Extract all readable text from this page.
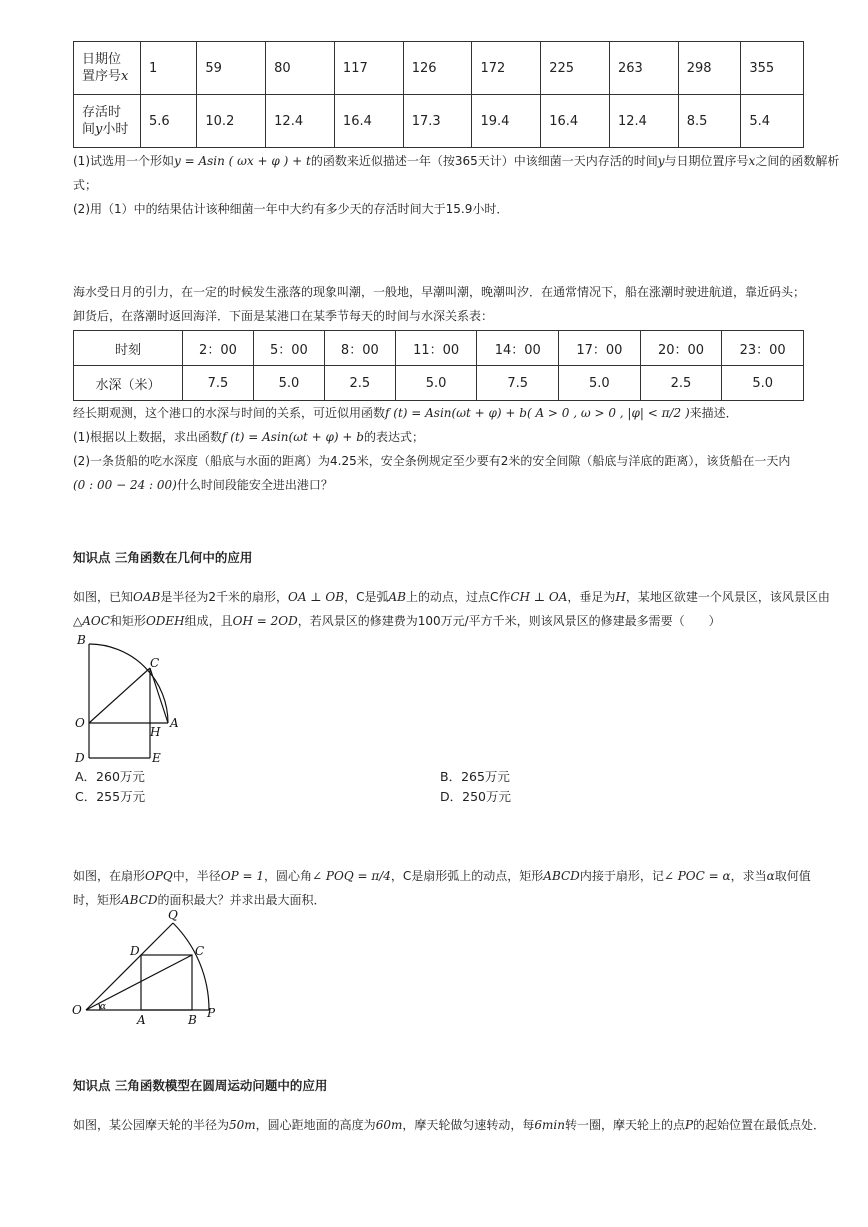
日期位
置序号x	1	59	80	117	126	172	225	263	298	355
存活时
间y小时	5.6	10.2	12.4	16.4	17.3	19.4	16.4	12.4	8.5	5.4
(1)试选用一个形如y = Asin ( ωx + φ ) + t的函数来近似描述一年（按365天计）中该细菌一天内存活的时间y与日期位置序号x之间的函数解析
式；
(2)用（1）中的结果估计该种细菌一年中大约有多少天的存活时间大于15.9小时．
海水受日月的引力，在一定的时候发生涨落的现象叫潮，一般地，早潮叫潮，晚潮叫汐．在通常情况下，船在涨潮时驶进航道，靠近码头；
卸货后，在落潮时返回海洋．下面是某港口在某季节每天的时间与水深关系表：
时刻	2：00	5：00	8：00	11：00	14：00	17：00	20：00	23：00
水深（米）	7.5	5.0	2.5	5.0	7.5	5.0	2.5	5.0
经长期观测，这个港口的水深与时间的关系，可近似用函数f (t) = Asin(ωt + φ) + b( A > 0 , ω > 0 , |φ| < π/2 )来描述．
(1)根据以上数据，求出函数f (t) = Asin(ωt + φ) + b的表达式；
(2)一条货船的吃水深度（船底与水面的距离）为4.25米，安全条例规定至少要有2米的安全间隙（船底与洋底的距离），该货船在一天内
(0 : 00 − 24 : 00)什么时间段能安全进出港口？
知识点 三角函数在几何中的应用
如图，已知OAB是半径为2千米的扇形，OA ⊥ OB，C是弧AB上的动点，过点C作CH ⊥ OA，垂足为H，某地区欲建一个风景区，该风景区由
△AOC和矩形ODEH组成，且OH = 2OD，若风景区的修建费为100万元/平方千米，则该风景区的修建最多需要（　　）
B
C
O
H
A
D	E
A．260万元	B．265万元
C．255万元	D．250万元
如图，在扇形OPQ中，半径OP = 1，圆心角∠ POQ = π/4，C是扇形弧上的动点，矩形ABCD内接于扇形，记∠ POC = α，求当α取何值
时，矩形ABCD的面积最大？并求出最大面积．
Q
D	C
O α
A	B P
知识点 三角函数模型在圆周运动问题中的应用
如图，某公园摩天轮的半径为50m，圆心距地面的高度为60m，摩天轮做匀速转动，每6min转一圈，摩天轮上的点P的起始位置在最低点处．
